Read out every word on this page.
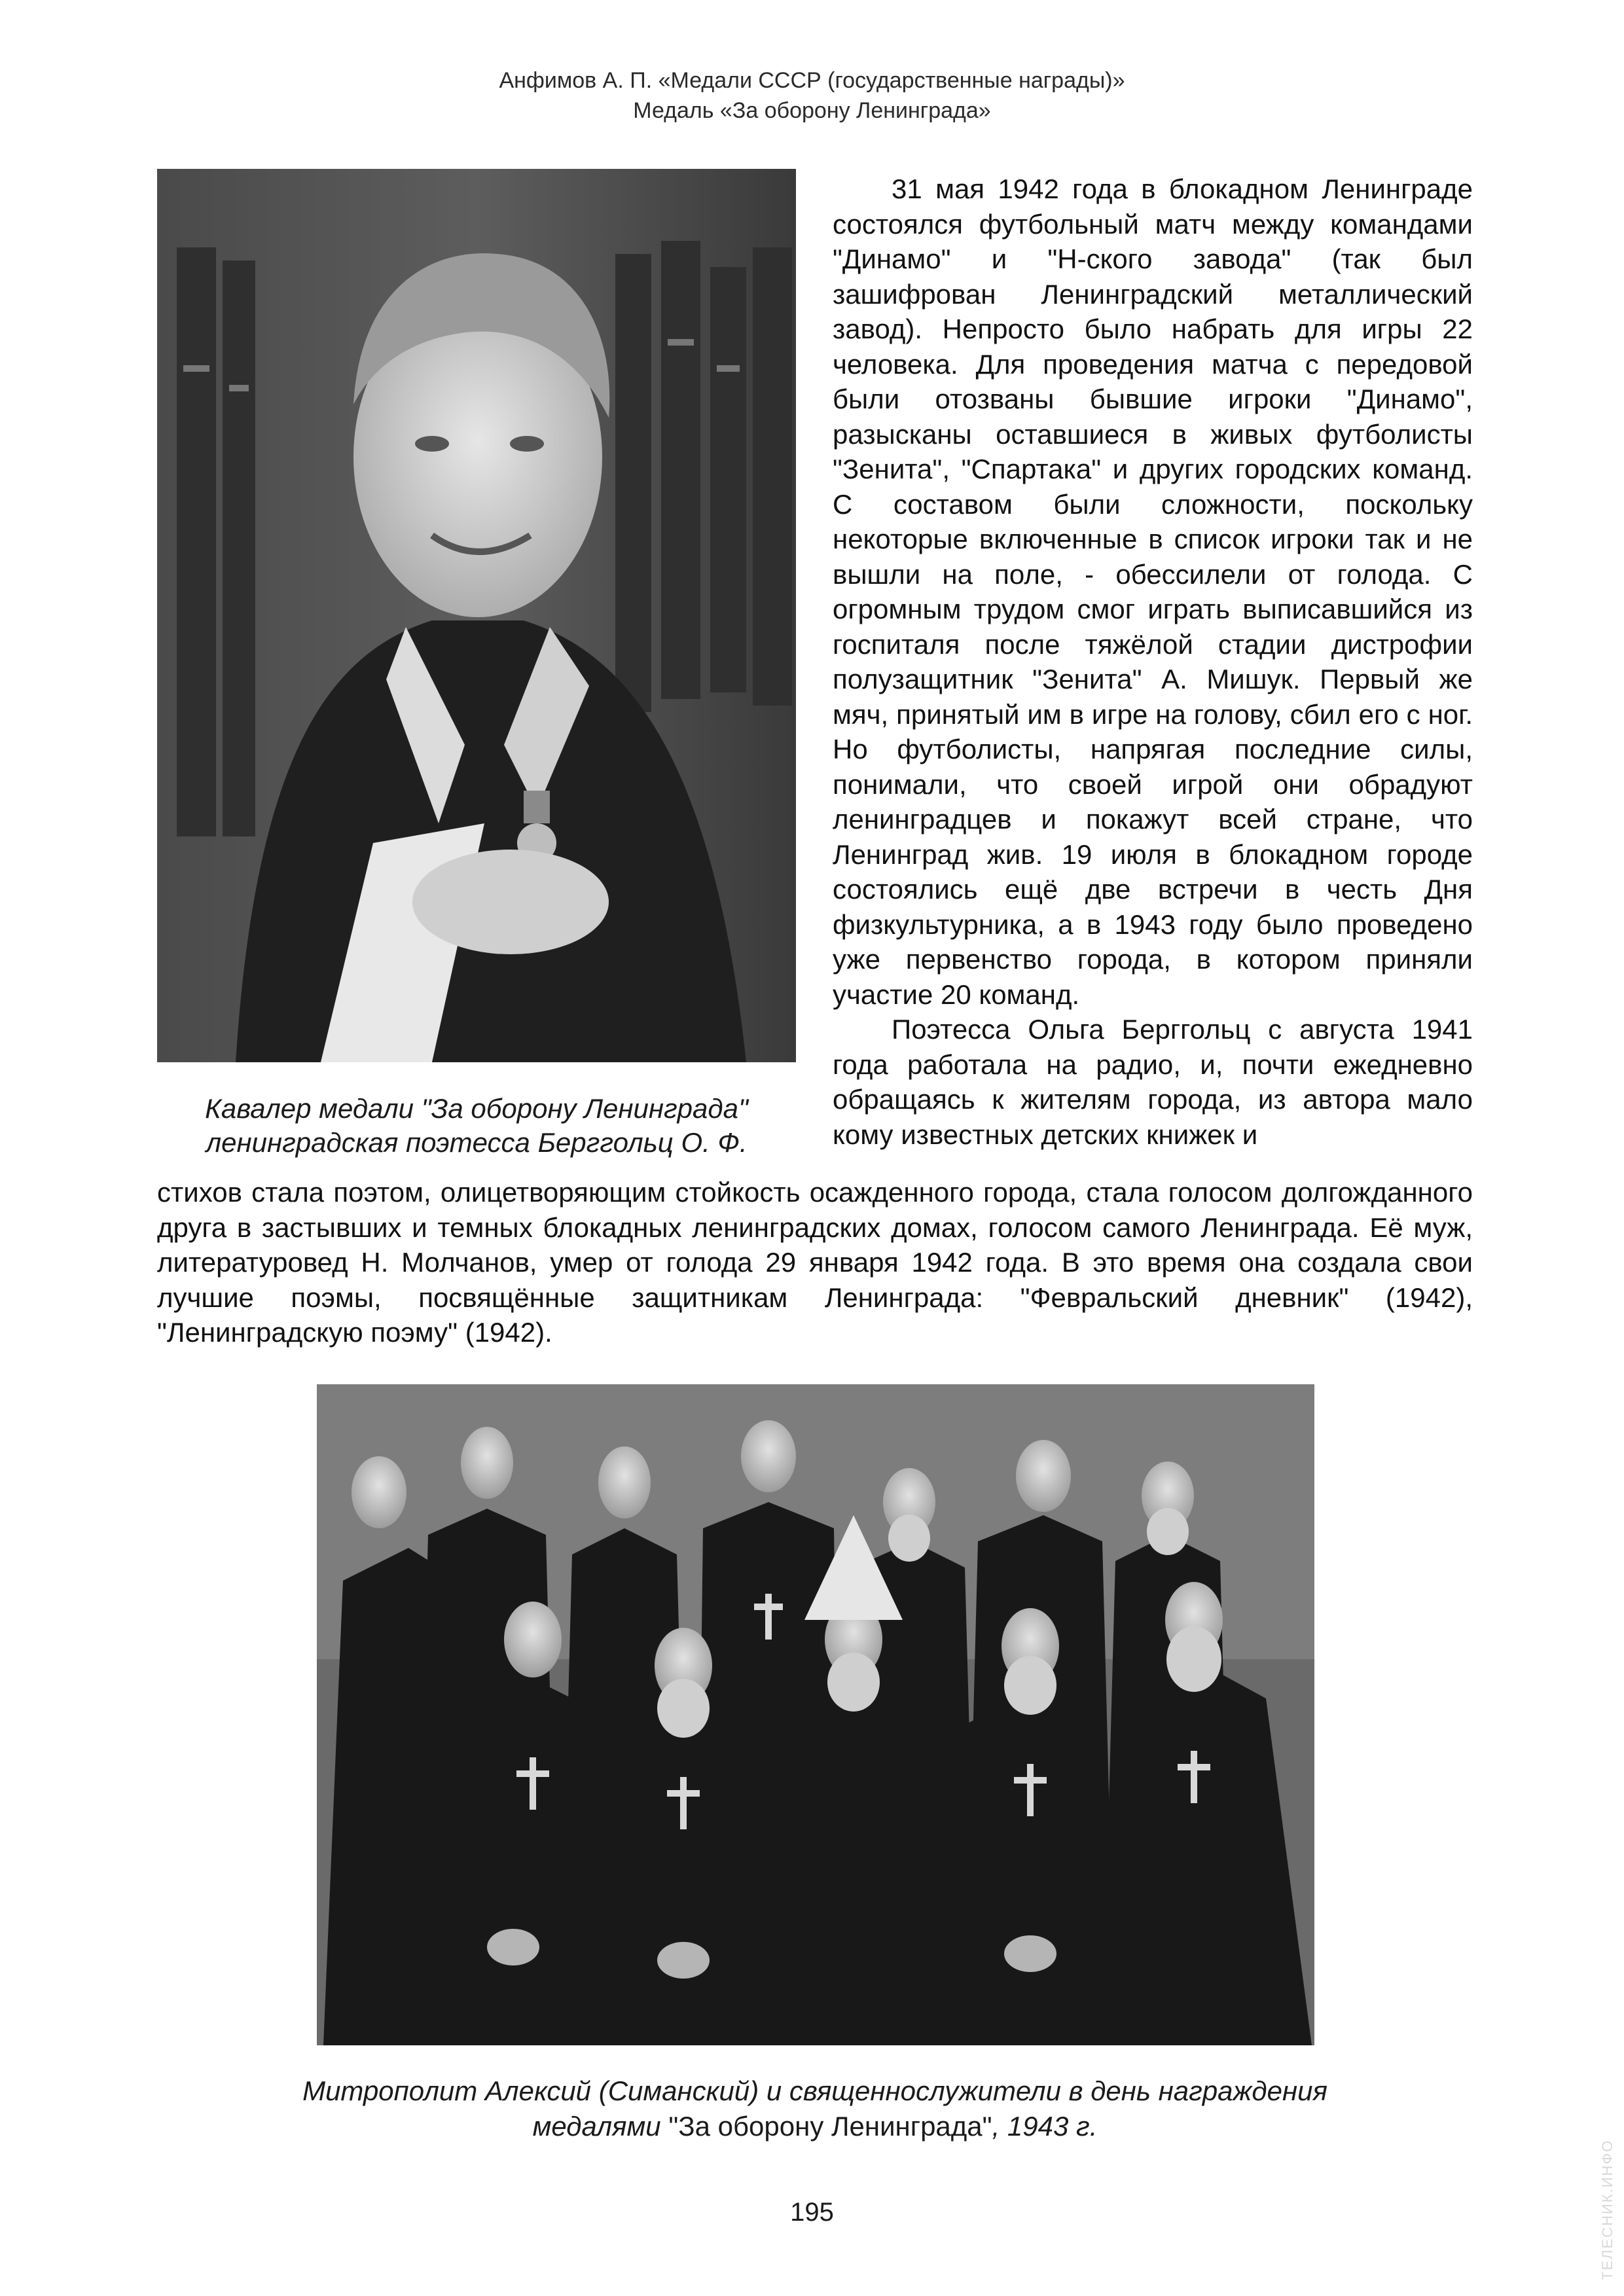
Анфимов А. П. «Медали СССР (государственные награды)»
Медаль «За оборону Ленинграда»

31 мая 1942 года в блокадном Ленинграде состоялся футбольный матч между командами "Динамо" и "Н-ского завода" (так был зашифрован Ленинградский металлический завод). Непросто было набрать для игры 22 человека. Для проведения матча с передовой были отозваны бывшие игроки "Динамо", разысканы оставшиеся в живых футболисты "Зенита", "Спартака" и других городских команд. С составом были сложности, поскольку некоторые включенные в список игроки так и не вышли на поле, - обессилели от голода. С огромным трудом смог играть выписавшийся из госпиталя после тяжёлой стадии дистрофии полузащитник "Зенита" А. Мишук. Первый же мяч, принятый им в игре на голову, сбил его с ног. Но футболисты, напрягая последние силы, понимали, что своей игрой они обрадуют ленинградцев и покажут всей стране, что Ленинград жив. 19 июля в блокадном городе состоялись ещё две встречи в честь Дня физкультурника, а в 1943 году было проведено уже первенство города, в котором приняли участие 20 команд.

Поэтесса Ольга Берггольц с августа 1941 года работала на радио, и, почти ежедневно обращаясь к жителям города, из автора мало кому известных детских книжек и

Кавалер медали "За оборону Ленинграда"
ленинградская поэтесса Берггольц О. Ф.

стихов стала поэтом, олицетворяющим стойкость осажденного города, стала голосом долгожданного друга в застывших и темных блокадных ленинградских домах, голосом самого Ленинграда. Её муж, литературовед Н. Молчанов, умер от голода 29 января 1942 года. В это время она создала свои лучшие поэмы, посвящённые защитникам Ленинграда: "Февральский дневник" (1942), "Ленинградскую поэму" (1942).

Митрополит Алексий (Симанский) и священнослужители в день награждения
медалями "За оборону Ленинграда", 1943 г.
195	ТЕЛЕСНИК.ИНФО
